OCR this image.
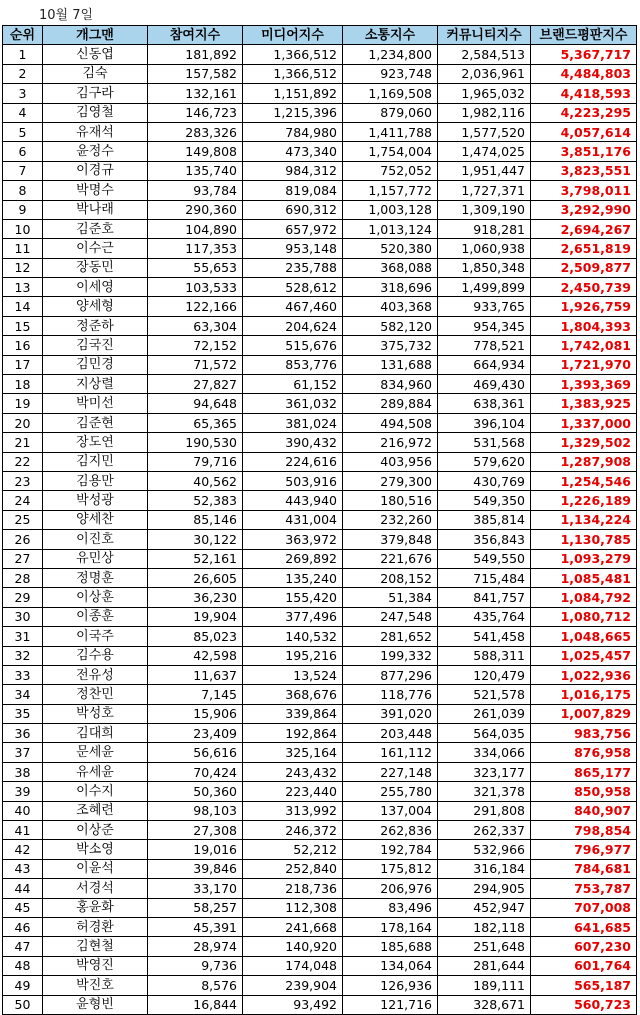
10월 7일
순위	개그맨	참여지수	미디어지수	소통지수	커뮤니티지수	브랜드평판지수
1	신동엽	181,892	1,366,512	1,234,800	2,584,513	5,367,717
2	김숙	157,582	1,366,512	923,748	2,036,961	4,484,803
3	김구라	132,161	1,151,892	1,169,508	1,965,032	4,418,593
4	김영철	146,723	1,215,396	879,060	1,982,116	4,223,295
5	유재석	283,326	784,980	1,411,788	1,577,520	4,057,614
6	윤정수	149,808	473,340	1,754,004	1,474,025	3,851,176
7	이경규	135,740	984,312	752,052	1,951,447	3,823,551
8	박명수	93,784	819,084	1,157,772	1,727,371	3,798,011
9	박나래	290,360	690,312	1,003,128	1,309,190	3,292,990
10	김준호	104,890	657,972	1,013,124	918,281	2,694,267
11	이수근	117,353	953,148	520,380	1,060,938	2,651,819
12	장동민	55,653	235,788	368,088	1,850,348	2,509,877
13	이세영	103,533	528,612	318,696	1,499,899	2,450,739
14	양세형	122,166	467,460	403,368	933,765	1,926,759
15	정준하	63,304	204,624	582,120	954,345	1,804,393
16	김국진	72,152	515,676	375,732	778,521	1,742,081
17	김민경	71,572	853,776	131,688	664,934	1,721,970
18	지상렬	27,827	61,152	834,960	469,430	1,393,369
19	박미선	94,648	361,032	289,884	638,361	1,383,925
20	김준현	65,365	381,024	494,508	396,104	1,337,000
21	장도연	190,530	390,432	216,972	531,568	1,329,502
22	김지민	79,716	224,616	403,956	579,620	1,287,908
23	김용만	40,562	503,916	279,300	430,769	1,254,546
24	박성광	52,383	443,940	180,516	549,350	1,226,189
25	양세찬	85,146	431,004	232,260	385,814	1,134,224
26	이진호	30,122	363,972	379,848	356,843	1,130,785
27	유민상	52,161	269,892	221,676	549,550	1,093,279
28	정명훈	26,605	135,240	208,152	715,484	1,085,481
29	이상훈	36,230	155,420	51,384	841,757	1,084,792
30	이종훈	19,904	377,496	247,548	435,764	1,080,712
31	이국주	85,023	140,532	281,652	541,458	1,048,665
32	김수용	42,598	195,216	199,332	588,311	1,025,457
33	전유성	11,637	13,524	877,296	120,479	1,022,936
34	정찬민	7,145	368,676	118,776	521,578	1,016,175
35	박성호	15,906	339,864	391,020	261,039	1,007,829
36	김대희	23,409	192,864	203,448	564,035	983,756
37	문세윤	56,616	325,164	161,112	334,066	876,958
38	유세윤	70,424	243,432	227,148	323,177	865,177
39	이수지	50,360	223,440	255,780	321,378	850,958
40	조혜련	98,103	313,992	137,004	291,808	840,907
41	이상준	27,308	246,372	262,836	262,337	798,854
42	박소영	19,016	52,212	192,784	532,966	796,977
43	이윤석	39,846	252,840	175,812	316,184	784,681
44	서경석	33,170	218,736	206,976	294,905	753,787
45	홍윤화	58,257	112,308	83,496	452,947	707,008
46	허경환	45,391	241,668	178,164	182,118	641,685
47	김현철	28,974	140,920	185,688	251,648	607,230
48	박영진	9,736	174,048	134,064	281,644	601,764
49	박진호	8,576	239,904	126,936	189,111	565,187
50	윤형빈	16,844	93,492	121,716	328,671	560,723
